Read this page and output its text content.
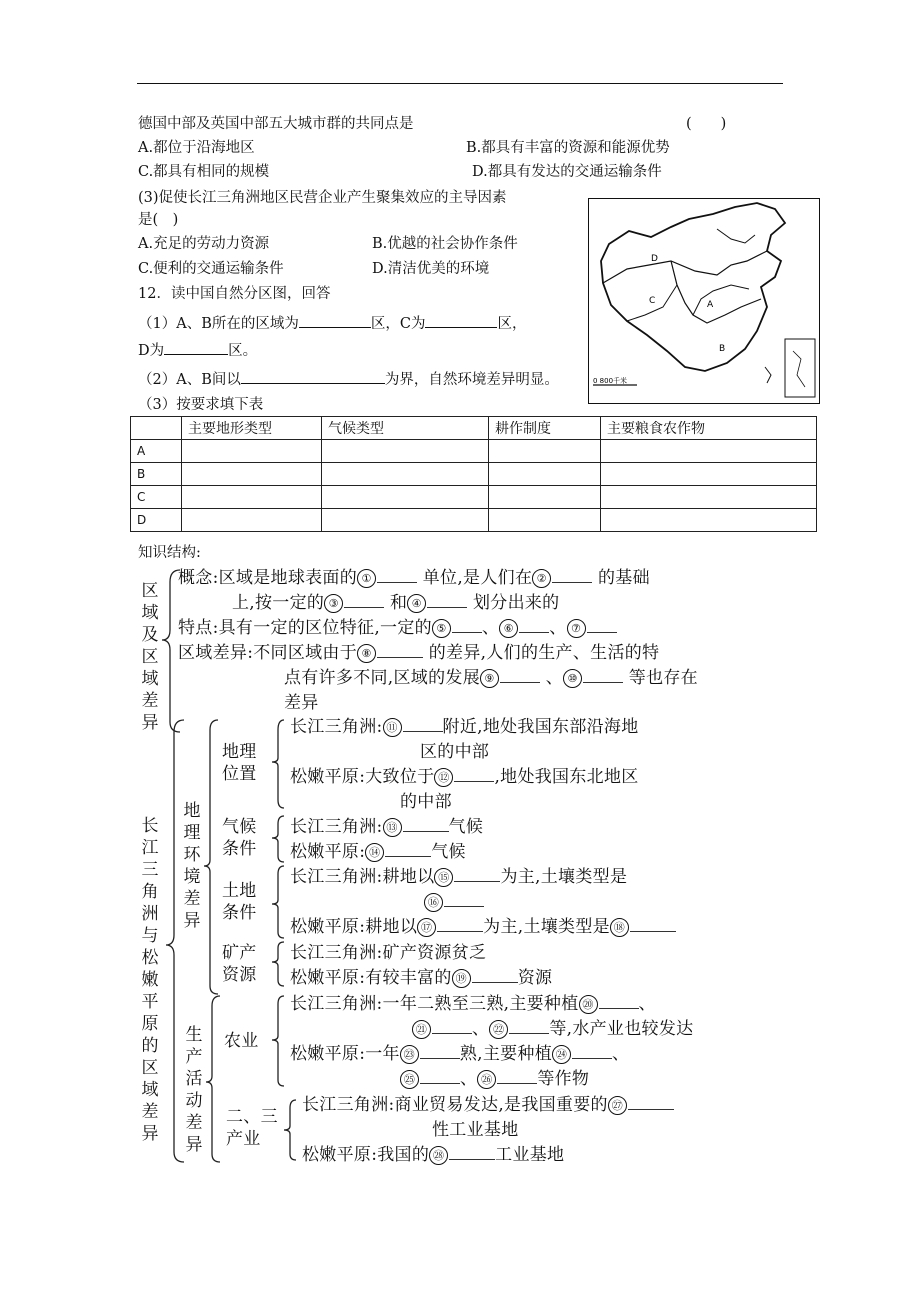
德国中部及英国中部五大城市群的共同点是	(　　)
A.都位于沿海地区	B.都具有丰富的资源和能源优势
C.都具有相同的规模	D.都具有发达的交通运输条件
(3)促使长江三角洲地区民营企业产生聚集效应的主导因素
是(　)
A.充足的劳动力资源	B.优越的社会协作条件
C.便利的交通运输条件	D.清洁优美的环境
12．读中国自然分区图，回答
（1）A、B所在的区域为	区，C为	区，
D为	区。
（2）A、B间以	为界，自然环境差异明显。
（3）按要求填下表
D
C	A
B
0 800千米
	主要地形类型	气候类型	耕作制度	主要粮食农作物
A				
B				
C				
D				
知识结构:
区域及区域差异
概念:区域是地球表面的 ①	单位,是人们在 ②	的基础
上,按一定的 ③	和 ④	划分出来的
特点:具有一定的区位特征,一定的 ⑤ 、 ⑥ 、 ⑦
区域差异:不同区域由于 ⑧	的差异,人们的生产、生活的特
点有许多不同,区域的发展 ⑨	、 ⑩	等也存在
差异
长江三角洲与松嫩平原的区域差异
地理环境差异
生产活动差异
地理位置
长江三角洲: ⑪	附近,地处我国东部沿海地
区的中部
松嫩平原:大致位于 ⑫	,地处我国东北地区
的中部
气候条件
长江三角洲: ⑬	气候
松嫩平原: ⑭	气候
土地条件
长江三角洲:耕地以 ⑮	为主,土壤类型是
⑯
松嫩平原:耕地以 ⑰	为主,土壤类型是 ⑱
矿产资源
长江三角洲:矿产资源贫乏
松嫩平原:有较丰富的 ⑲	资源
农业
长江三角洲:一年二熟至三熟,主要种植 ⑳	、
㉑	、 ㉒	等,水产业也较发达
松嫩平原:一年 ㉓	熟,主要种植 ㉔	、
㉕	、 ㉖	等作物
二、三产业
长江三角洲:商业贸易发达,是我国重要的 ㉗
性工业基地
松嫩平原:我国的 ㉘	工业基地
